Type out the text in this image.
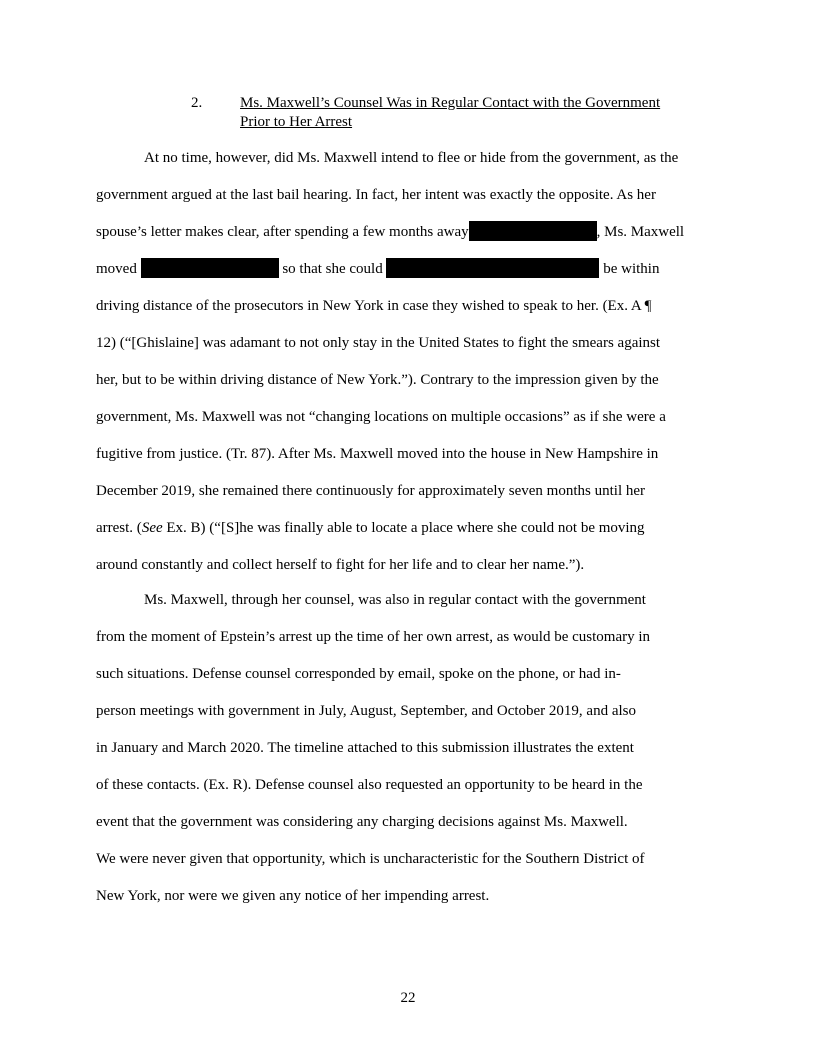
2.	Ms. Maxwell’s Counsel Was in Regular Contact with the Government
Prior to Her Arrest
At no time, however, did Ms. Maxwell intend to flee or hide from the government, as the
government argued at the last bail hearing. In fact, her intent was exactly the opposite. As her
spouse’s letter makes clear, after spending a few months away	, Ms. Maxwell
moved	so that she could	be within
driving distance of the prosecutors in New York in case they wished to speak to her. (Ex. A ¶
12) (“[Ghislaine] was adamant to not only stay in the United States to fight the smears against
her, but to be within driving distance of New York.”). Contrary to the impression given by the
government, Ms. Maxwell was not “changing locations on multiple occasions” as if she were a
fugitive from justice. (Tr. 87). After Ms. Maxwell moved into the house in New Hampshire in
December 2019, she remained there continuously for approximately seven months until her
arrest. (See Ex. B) (“[S]he was finally able to locate a place where she could not be moving
around constantly and collect herself to fight for her life and to clear her name.”).
Ms. Maxwell, through her counsel, was also in regular contact with the government
from the moment of Epstein’s arrest up the time of her own arrest, as would be customary in
such situations. Defense counsel corresponded by email, spoke on the phone, or had in-
person meetings with government in July, August, September, and October 2019, and also
in January and March 2020. The timeline attached to this submission illustrates the extent
of these contacts. (Ex. R). Defense counsel also requested an opportunity to be heard in the
event that the government was considering any charging decisions against Ms. Maxwell.
We were never given that opportunity, which is uncharacteristic for the Southern District of
New York, nor were we given any notice of her impending arrest.
22
